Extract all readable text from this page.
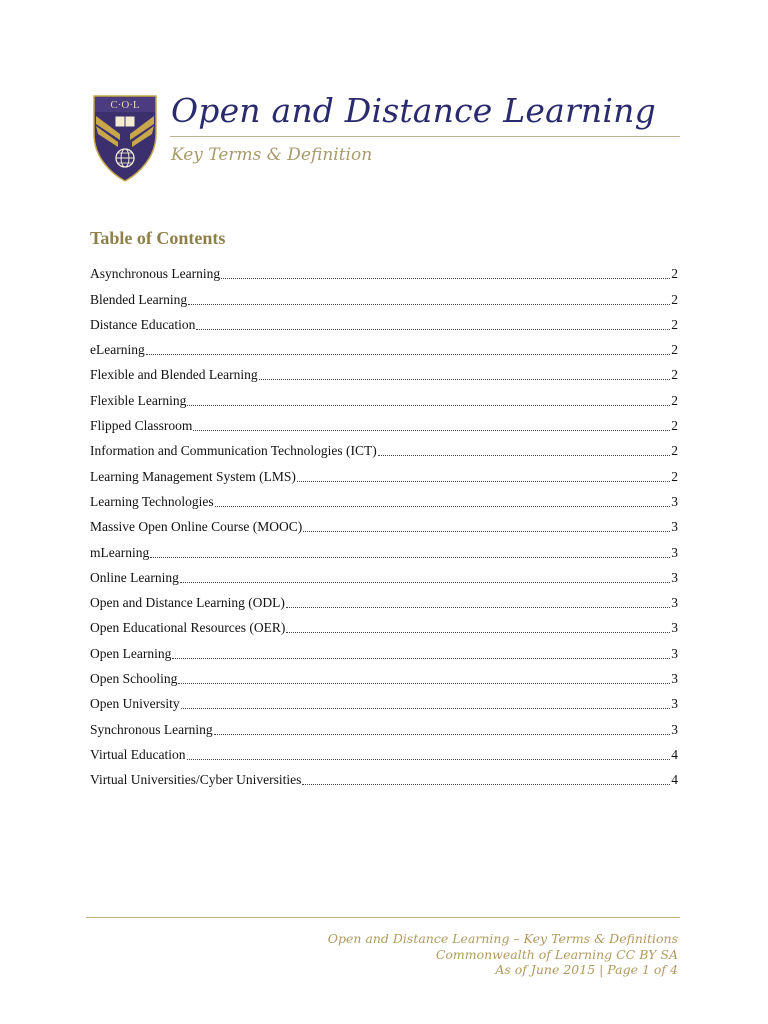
C·O·L Open and Distance Learning
Key Terms & Definition
Table of Contents
Asynchronous Learning	2
Blended Learning	2
Distance Education	2
eLearning	2
Flexible and Blended Learning	2
Flexible Learning	2
Flipped Classroom	2
Information and Communication Technologies (ICT)	2
Learning Management System (LMS)	2
Learning Technologies	3
Massive Open Online Course (MOOC)	3
mLearning	3
Online Learning	3
Open and Distance Learning (ODL)	3
Open Educational Resources (OER)	3
Open Learning	3
Open Schooling	3
Open University	3
Synchronous Learning	3
Virtual Education	4
Virtual Universities/Cyber Universities	4
Open and Distance Learning – Key Terms & Definitions
Commonwealth of Learning CC BY SA
As of June 2015 | Page 1 of 4
